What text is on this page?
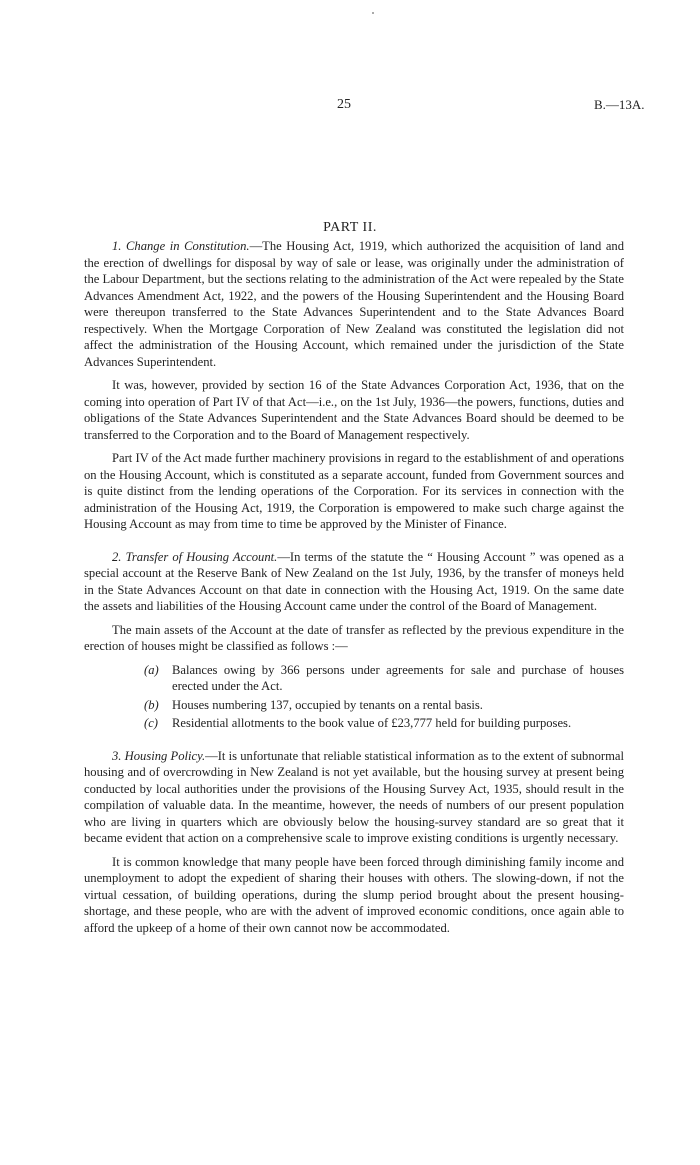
25	B.—13A.
PART II.

1. Change in Constitution.—The Housing Act, 1919, which authorized the acquisition of land and the erection of dwellings for disposal by way of sale or lease, was originally under the administration of the Labour Department, but the sections relating to the administration of the Act were repealed by the State Advances Amendment Act, 1922, and the powers of the Housing Superintendent and the Housing Board were thereupon transferred to the State Advances Superintendent and to the State Advances Board respectively. When the Mortgage Corporation of New Zealand was constituted the legislation did not affect the administration of the Housing Account, which remained under the jurisdiction of the State Advances Superintendent.

It was, however, provided by section 16 of the State Advances Corporation Act, 1936, that on the coming into operation of Part IV of that Act—i.e., on the 1st July, 1936—the powers, functions, duties and obligations of the State Advances Superintendent and the State Advances Board should be deemed to be transferred to the Corporation and to the Board of Management respectively.

Part IV of the Act made further machinery provisions in regard to the establishment of and operations on the Housing Account, which is constituted as a separate account, funded from Government sources and is quite distinct from the lending operations of the Corporation. For its services in connection with the administration of the Housing Act, 1919, the Corporation is empowered to make such charge against the Housing Account as may from time to time be approved by the Minister of Finance.

2. Transfer of Housing Account.—In terms of the statute the “ Housing Account ” was opened as a special account at the Reserve Bank of New Zealand on the 1st July, 1936, by the transfer of moneys held in the State Advances Account on that date in connection with the Housing Act, 1919. On the same date the assets and liabilities of the Housing Account came under the control of the Board of Management.

The main assets of the Account at the date of transfer as reflected by the previous expenditure in the erection of houses might be classified as follows :—

(a) Balances owing by 366 persons under agreements for sale and purchase of houses erected under the Act.
(b) Houses numbering 137, occupied by tenants on a rental basis.
(c) Residential allotments to the book value of £23,777 held for building purposes.

3. Housing Policy.—It is unfortunate that reliable statistical information as to the extent of subnormal housing and of overcrowding in New Zealand is not yet available, but the housing survey at present being conducted by local authorities under the provisions of the Housing Survey Act, 1935, should result in the compilation of valuable data. In the meantime, however, the needs of numbers of our present population who are living in quarters which are obviously below the housing-survey standard are so great that it became evident that action on a comprehensive scale to improve existing conditions is urgently necessary.

It is common knowledge that many people have been forced through diminishing family income and unemployment to adopt the expedient of sharing their houses with others. The slowing-down, if not the virtual cessation, of building operations, during the slump period brought about the present housing-shortage, and these people, who are with the advent of improved economic conditions, once again able to afford the upkeep of a home of their own cannot now be accommodated.
